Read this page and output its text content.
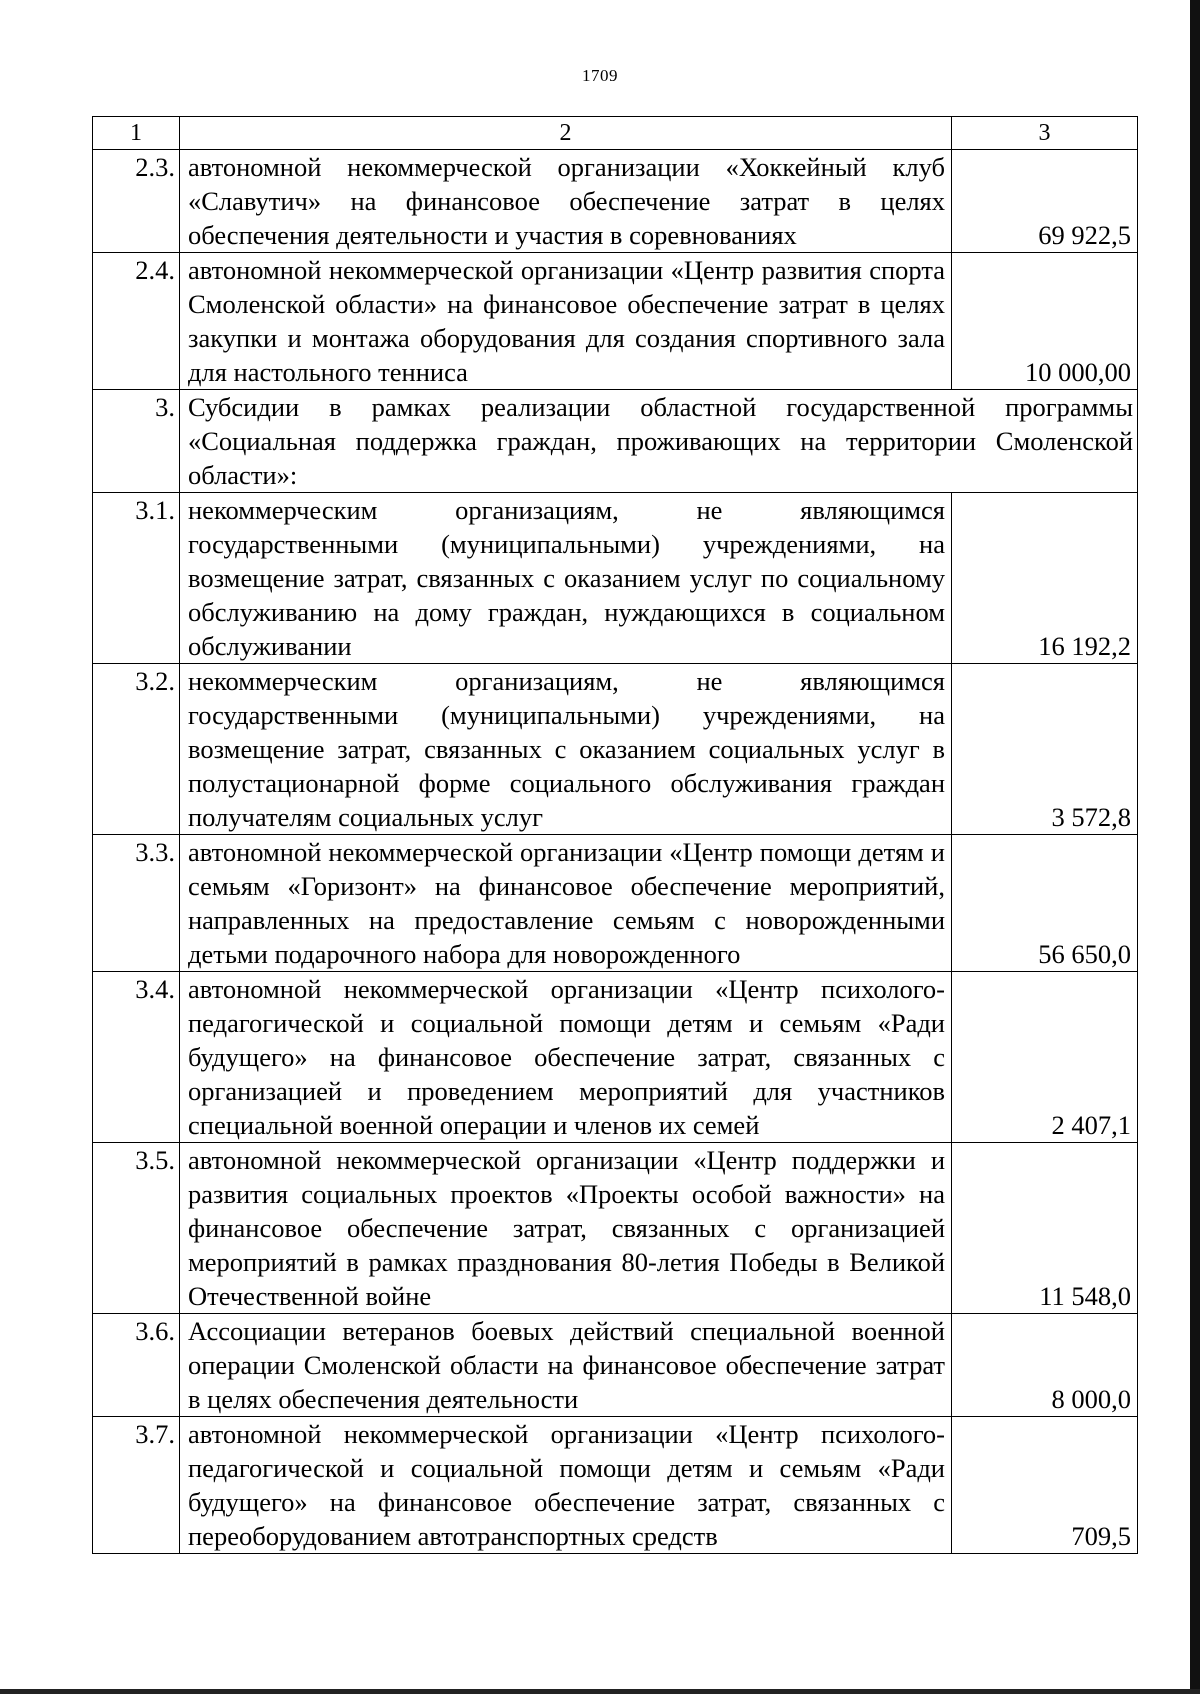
1709
1	2	3
2.3.	автономной некоммерческой организации «Хоккейный клуб «Славутич» на финансовое обеспечение затрат в целях обеспечения деятельности и участия в соревнованиях	69 922,5
2.4.	автономной некоммерческой организации «Центр развития спорта Смоленской области» на финансовое обеспечение затрат в целях закупки и монтажа оборудования для создания спортивного зала для настольного тенниса	10 000,00
3.	Субсидии в рамках реализации областной государственной программы «Социальная поддержка граждан, проживающих на территории Смоленской области»:	
3.1.	некоммерческим организациям, не являющимся государственными (муниципальными) учреждениями, на возмещение затрат, связанных с оказанием услуг по социальному обслуживанию на дому граждан, нуждающихся в социальном обслуживании	16 192,2
3.2.	некоммерческим организациям, не являющимся государственными (муниципальными) учреждениями, на возмещение затрат, связанных с оказанием социальных услуг в полустационарной форме социального обслуживания граждан получателям социальных услуг	3 572,8
3.3.	автономной некоммерческой организации «Центр помощи детям и семьям «Горизонт» на финансовое обеспечение мероприятий, направленных на предоставление семьям с новорожденными детьми подарочного набора для новорожденного	56 650,0
3.4.	автономной некоммерческой организации «Центр психолого-педагогической и социальной помощи детям и семьям «Ради будущего» на финансовое обеспечение затрат, связанных с организацией и проведением мероприятий для участников специальной военной операции и членов их семей	2 407,1
3.5.	автономной некоммерческой организации «Центр поддержки и развития социальных проектов «Проекты особой важности» на финансовое обеспечение затрат, связанных с организацией мероприятий в рамках празднования 80-летия Победы в Великой Отечественной войне	11 548,0
3.6.	Ассоциации ветеранов боевых действий специальной военной операции Смоленской области на финансовое обеспечение затрат в целях обеспечения деятельности	8 000,0
3.7.	автономной некоммерческой организации «Центр психолого-педагогической и социальной помощи детям и семьям «Ради будущего» на финансовое обеспечение затрат, связанных с переоборудованием автотранспортных средств	709,5
